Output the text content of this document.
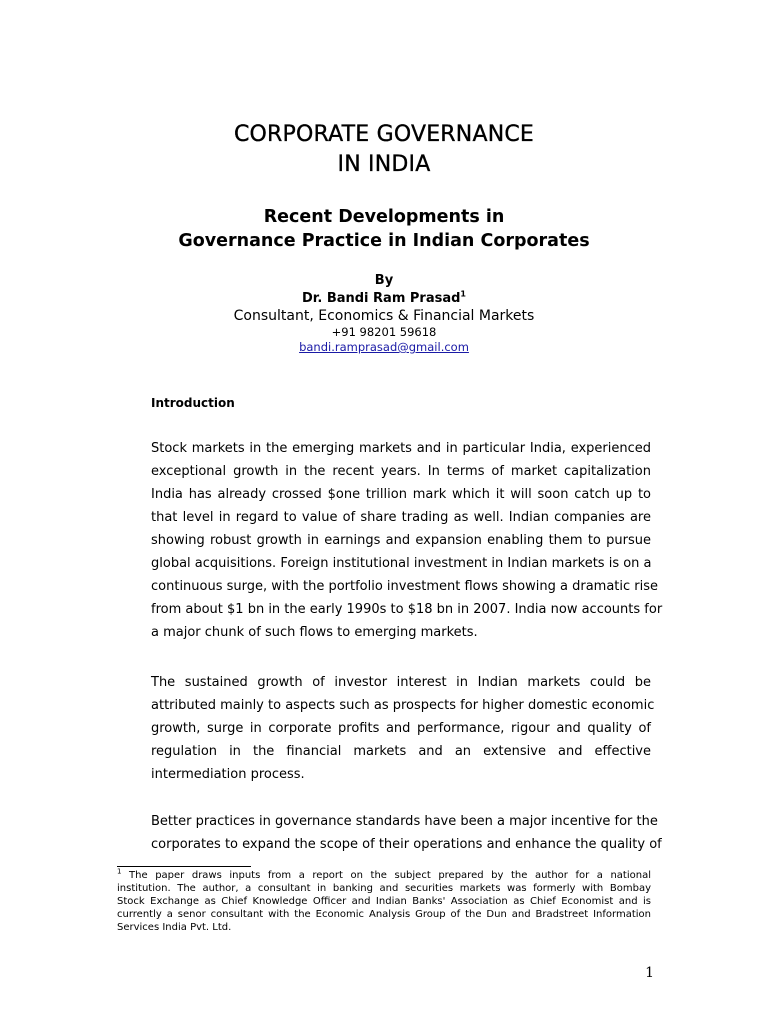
CORPORATE GOVERNANCE
IN INDIA
Recent Developments in
Governance Practice in Indian Corporates
By
Dr. Bandi Ram Prasad$^1$
Consultant, Economics & Financial Markets
+91 98201 59618
bandi.ramprasad@gmail.com
Introduction
Stock markets in the emerging markets and in particular India, experienced
exceptional growth in the recent years. In terms of market capitalization
India has already crossed $one trillion mark which it will soon catch up to
that level in regard to value of share trading as well. Indian companies are
showing robust growth in earnings and expansion enabling them to pursue
global acquisitions. Foreign institutional investment in Indian markets is on a
continuous surge, with the portfolio investment flows showing a dramatic rise
from about $1 bn in the early 1990s to $18 bn in 2007. India now accounts for
a major chunk of such flows to emerging markets.
The sustained growth of investor interest in Indian markets could be
attributed mainly to aspects such as prospects for higher domestic economic
growth, surge in corporate profits and performance, rigour and quality of
regulation in the financial markets and an extensive and effective
intermediation process.
Better practices in governance standards have been a major incentive for the
corporates to expand the scope of their operations and enhance the quality of
$^1$ The paper draws inputs from a report on the subject prepared by the author for a national
institution. The author, a consultant in banking and securities markets was formerly with Bombay
Stock Exchange as Chief Knowledge Officer and Indian Banks' Association as Chief Economist and is
currently a senor consultant with the Economic Analysis Group of the Dun and Bradstreet Information
Services India Pvt. Ltd.
1
